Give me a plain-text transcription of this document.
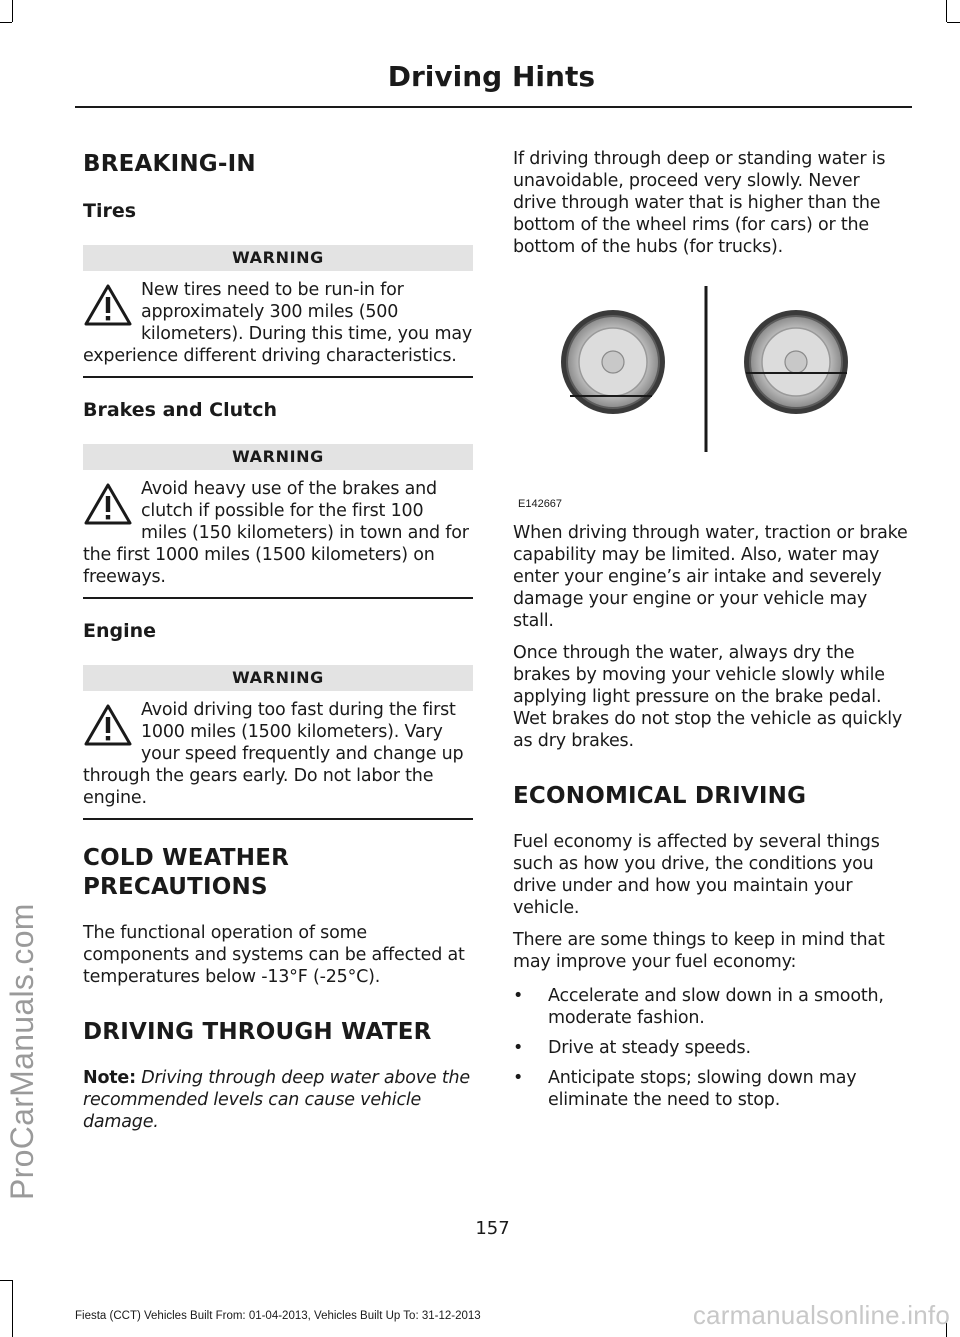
ProCarManuals.com
Driving Hints
BREAKING-IN
Tires
WARNING
New tires need to be run-in for approximately 300 miles (500 kilometers). During this time, you may experience different driving characteristics.
Brakes and Clutch
WARNING
Avoid heavy use of the brakes and clutch if possible for the first 100 miles (150 kilometers) in town and for the first 1000 miles (1500 kilometers) on freeways.
Engine
WARNING
Avoid driving too fast during the first 1000 miles (1500 kilometers). Vary your speed frequently and change up through the gears early. Do not labor the engine.
COLD WEATHER
PRECAUTIONS

The functional operation of some components and systems can be affected at temperatures below -13°F (-25°C).

DRIVING THROUGH WATER

Note: Driving through deep water above the recommended levels can cause vehicle damage.

If driving through deep or standing water is unavoidable, proceed very slowly. Never drive through water that is higher than the bottom of the wheel rims (for cars) or the bottom of the hubs (for trucks).

E142667

When driving through water, traction or brake capability may be limited. Also, water may enter your engine’s air intake and severely damage your engine or your vehicle may stall.

Once through the water, always dry the brakes by moving your vehicle slowly while applying light pressure on the brake pedal. Wet brakes do not stop the vehicle as quickly as dry brakes.

ECONOMICAL DRIVING

Fuel economy is affected by several things such as how you drive, the conditions you drive under and how you maintain your vehicle.

There are some things to keep in mind that may improve your fuel economy:

• Accelerate and slow down in a smooth, moderate fashion.
• Drive at steady speeds.
• Anticipate stops; slowing down may eliminate the need to stop.
157
Fiesta (CCT) Vehicles Built From: 01-04-2013, Vehicles Built Up To: 31-12-2013	carmanualsonline.info
